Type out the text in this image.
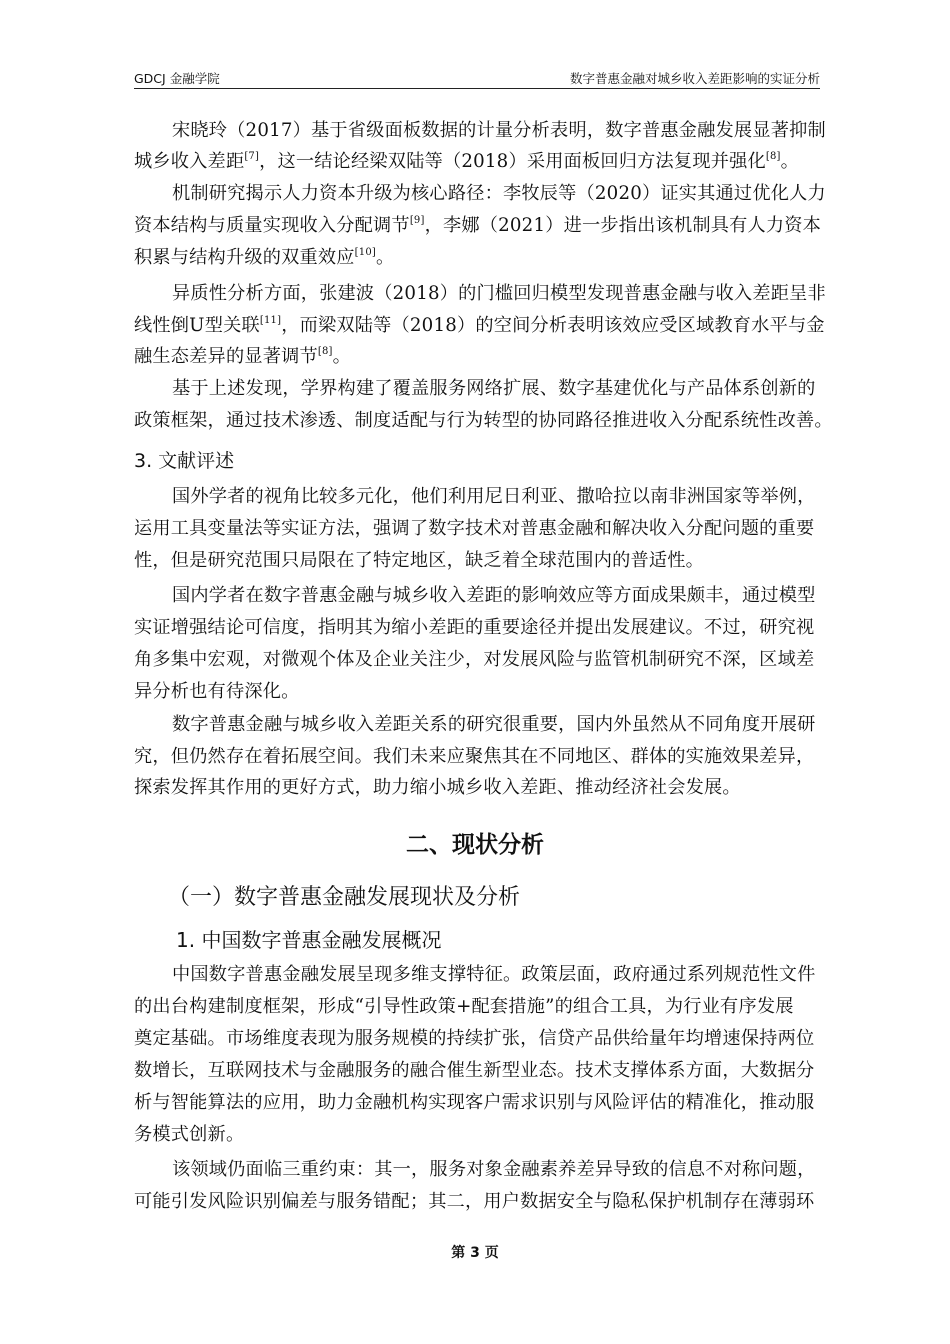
GDCJ 金融学院	数字普惠金融对城乡收入差距影响的实证分析
宋晓玲（2017）基于省级面板数据的计量分析表明，数字普惠金融发展显著抑制
城乡收入差距[7]，这一结论经梁双陆等（2018）采用面板回归方法复现并强化[8]。
机制研究揭示人力资本升级为核心路径：李牧辰等（2020）证实其通过优化人力
资本结构与质量实现收入分配调节[9]，李娜（2021）进一步指出该机制具有人力资本
积累与结构升级的双重效应[10]。
异质性分析方面，张建波（2018）的门槛回归模型发现普惠金融与收入差距呈非
线性倒U型关联[11]，而梁双陆等（2018）的空间分析表明该效应受区域教育水平与金
融生态差异的显著调节[8]。
基于上述发现，学界构建了覆盖服务网络扩展、数字基建优化与产品体系创新的
政策框架，通过技术渗透、制度适配与行为转型的协同路径推进收入分配系统性改善。
3. 文献评述
国外学者的视角比较多元化，他们利用尼日利亚、撒哈拉以南非洲国家等举例，
运用工具变量法等实证方法，强调了数字技术对普惠金融和解决收入分配问题的重要
性，但是研究范围只局限在了特定地区，缺乏着全球范围内的普适性。
国内学者在数字普惠金融与城乡收入差距的影响效应等方面成果颇丰，通过模型
实证增强结论可信度，指明其为缩小差距的重要途径并提出发展建议。不过，研究视
角多集中宏观，对微观个体及企业关注少，对发展风险与监管机制研究不深，区域差
异分析也有待深化。
数字普惠金融与城乡收入差距关系的研究很重要，国内外虽然从不同角度开展研
究，但仍然存在着拓展空间。我们未来应聚焦其在不同地区、群体的实施效果差异，
探索发挥其作用的更好方式，助力缩小城乡收入差距、推动经济社会发展。
二、现状分析
（一）数字普惠金融发展现状及分析
1. 中国数字普惠金融发展概况
中国数字普惠金融发展呈现多维支撑特征。政策层面，政府通过系列规范性文件
的出台构建制度框架，形成“引导性政策+配套措施”的组合工具，为行业有序发展
奠定基础。市场维度表现为服务规模的持续扩张，信贷产品供给量年均增速保持两位
数增长，互联网技术与金融服务的融合催生新型业态。技术支撑体系方面，大数据分
析与智能算法的应用，助力金融机构实现客户需求识别与风险评估的精准化，推动服
务模式创新。
该领域仍面临三重约束：其一，服务对象金融素养差异导致的信息不对称问题，
可能引发风险识别偏差与服务错配；其二，用户数据安全与隐私保护机制存在薄弱环
第 3 页
